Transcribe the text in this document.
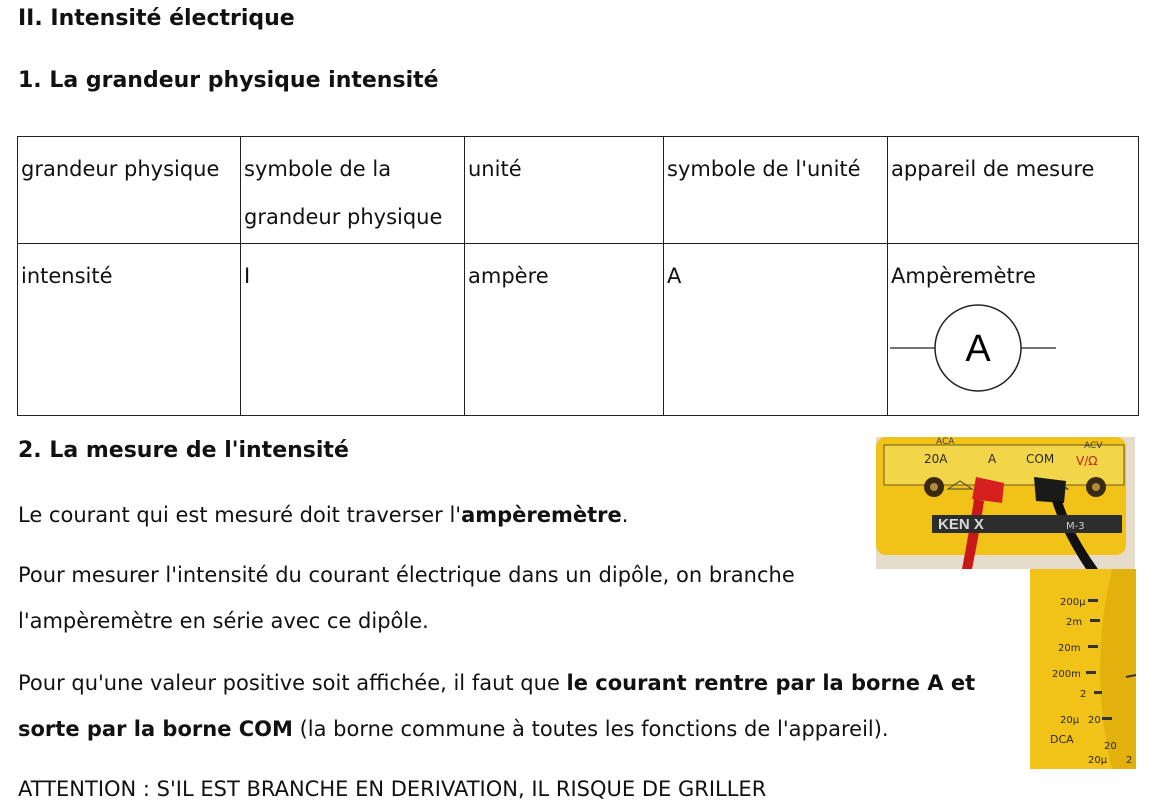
II. Intensité électrique
1. La grandeur physique intensité
grandeur physique	symbole de la grandeur physique	unité	symbole de l'unité	appareil de mesure
intensité	I	ampère	A	Ampèremètre
A
2. La mesure de l'intensité

Le courant qui est mesuré doit traverser l'ampèremètre.

Pour mesurer l'intensité du courant électrique dans un dipôle, on branche
l'ampèremètre en série avec ce dipôle.

Pour qu'une valeur positive soit affichée, il faut que le courant rentre par la borne A et
sorte par la borne COM (la borne commune à toutes les fonctions de l'appareil).

ATTENTION : S'IL EST BRANCHE EN DERIVATION, IL RISQUE DE GRILLER

ACA
20A	A COM
ACV
V/Ω
KEN X	M-3
200µ
2m
20m
200m
2
20µ 20
DCA
20
20µ 2
